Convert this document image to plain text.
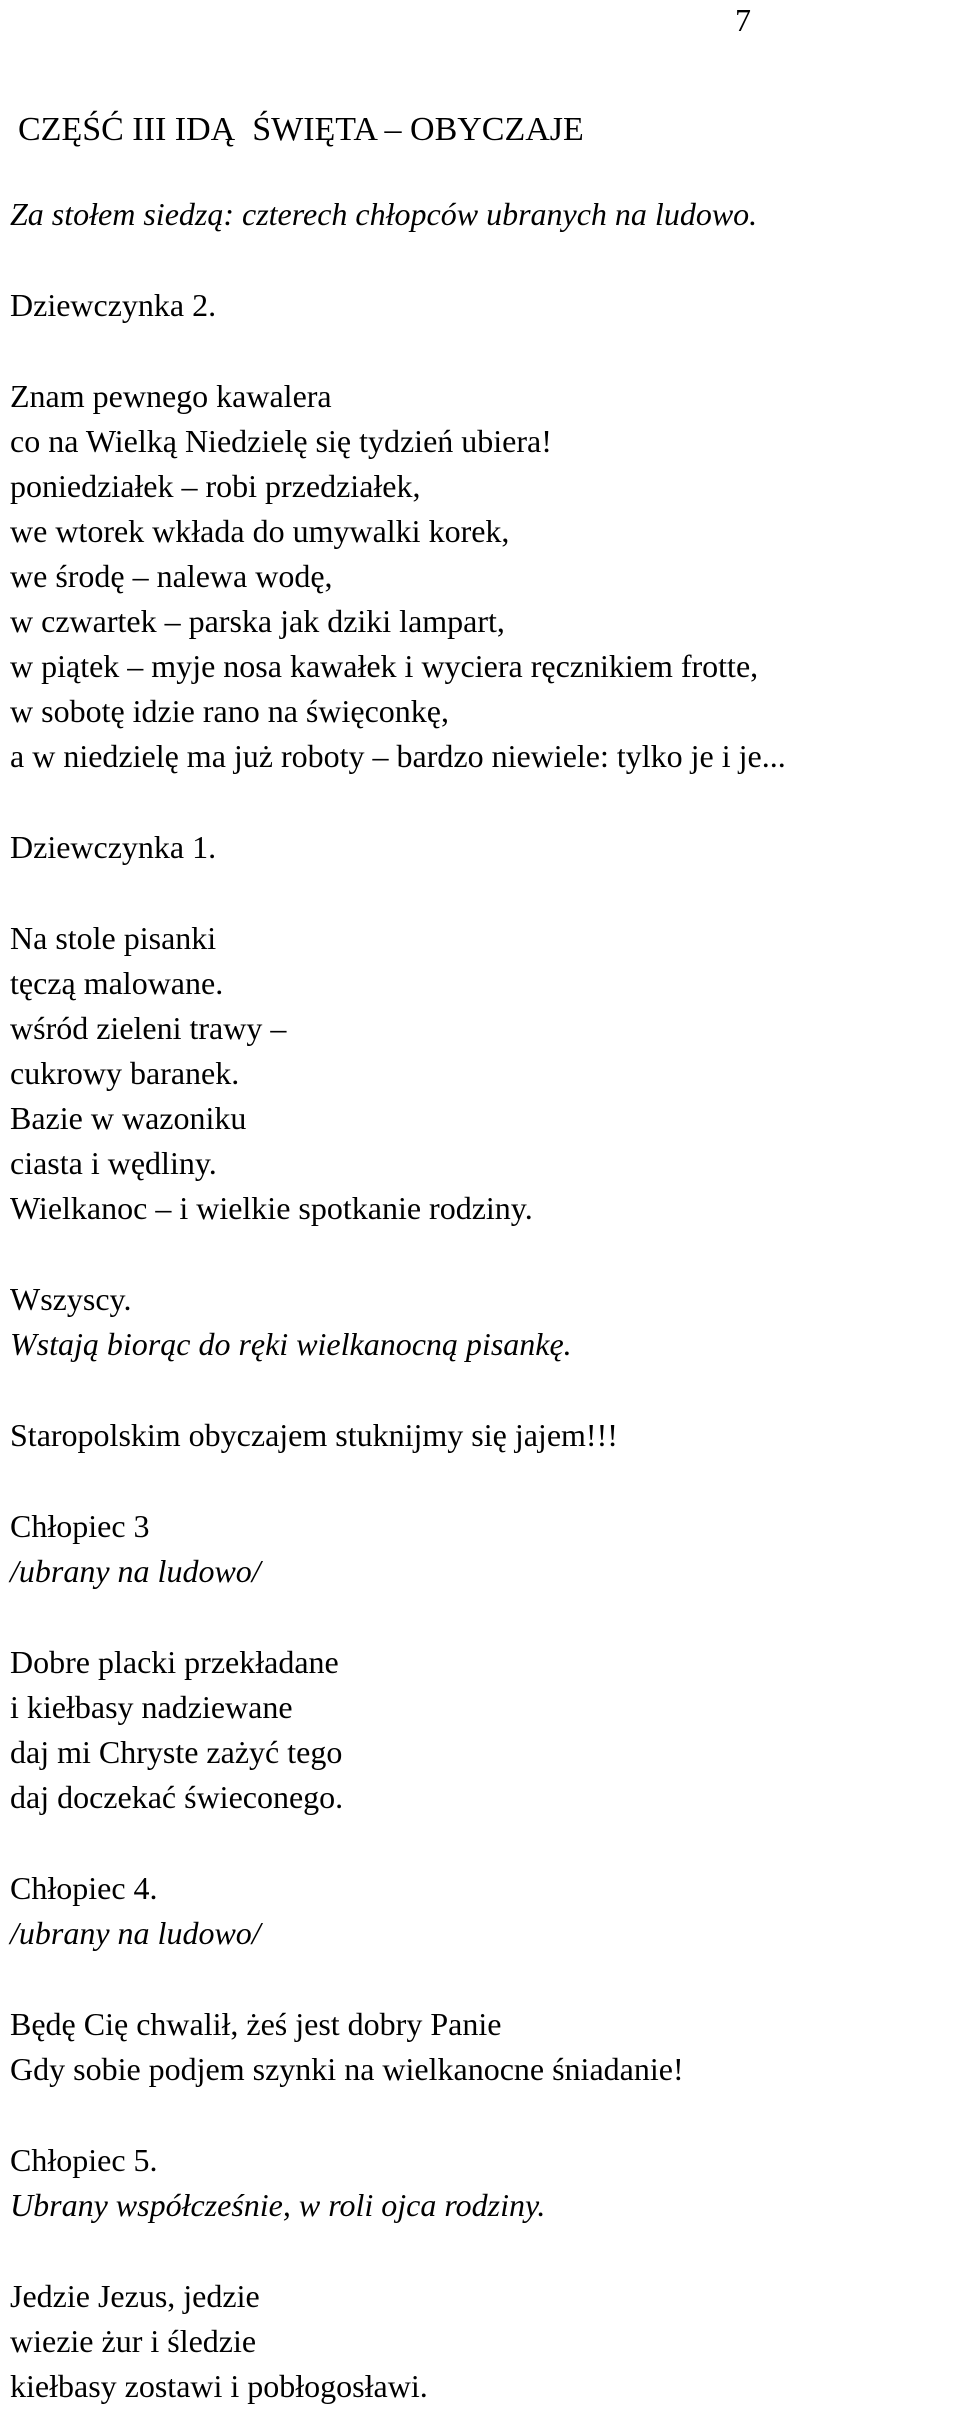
7
CZĘŚĆ III IDĄ  ŚWIĘTA – OBYCZAJE
Za stołem siedzą: czterech chłopców ubranych na ludowo.
Dziewczynka 2.
Znam pewnego kawalera
co na Wielką Niedzielę się tydzień ubiera!
poniedziałek – robi przedziałek,
we wtorek wkłada do umywalki korek,
we środę – nalewa wodę,
w czwartek – parska jak dziki lampart,
w piątek – myje nosa kawałek i wyciera ręcznikiem frotte,
w sobotę idzie rano na święconkę,
a w niedzielę ma już roboty – bardzo niewiele: tylko je i je...
Dziewczynka 1.
Na stole pisanki
tęczą malowane.
wśród zieleni trawy –
cukrowy baranek.
Bazie w wazoniku
ciasta i wędliny.
Wielkanoc – i wielkie spotkanie rodziny.
Wszyscy.
Wstają biorąc do ręki wielkanocną pisankę.
Staropolskim obyczajem stuknijmy się jajem!!!
Chłopiec 3
/ubrany na ludowo/
Dobre placki przekładane
i kiełbasy nadziewane
daj mi Chryste zażyć tego
daj doczekać świeconego.
Chłopiec 4.
/ubrany na ludowo/
Będę Cię chwalił, żeś jest dobry Panie
Gdy sobie podjem szynki na wielkanocne śniadanie!
Chłopiec 5.
Ubrany współcześnie, w roli ojca rodziny.
Jedzie Jezus, jedzie
wiezie żur i śledzie
kiełbasy zostawi i pobłogosławi.
